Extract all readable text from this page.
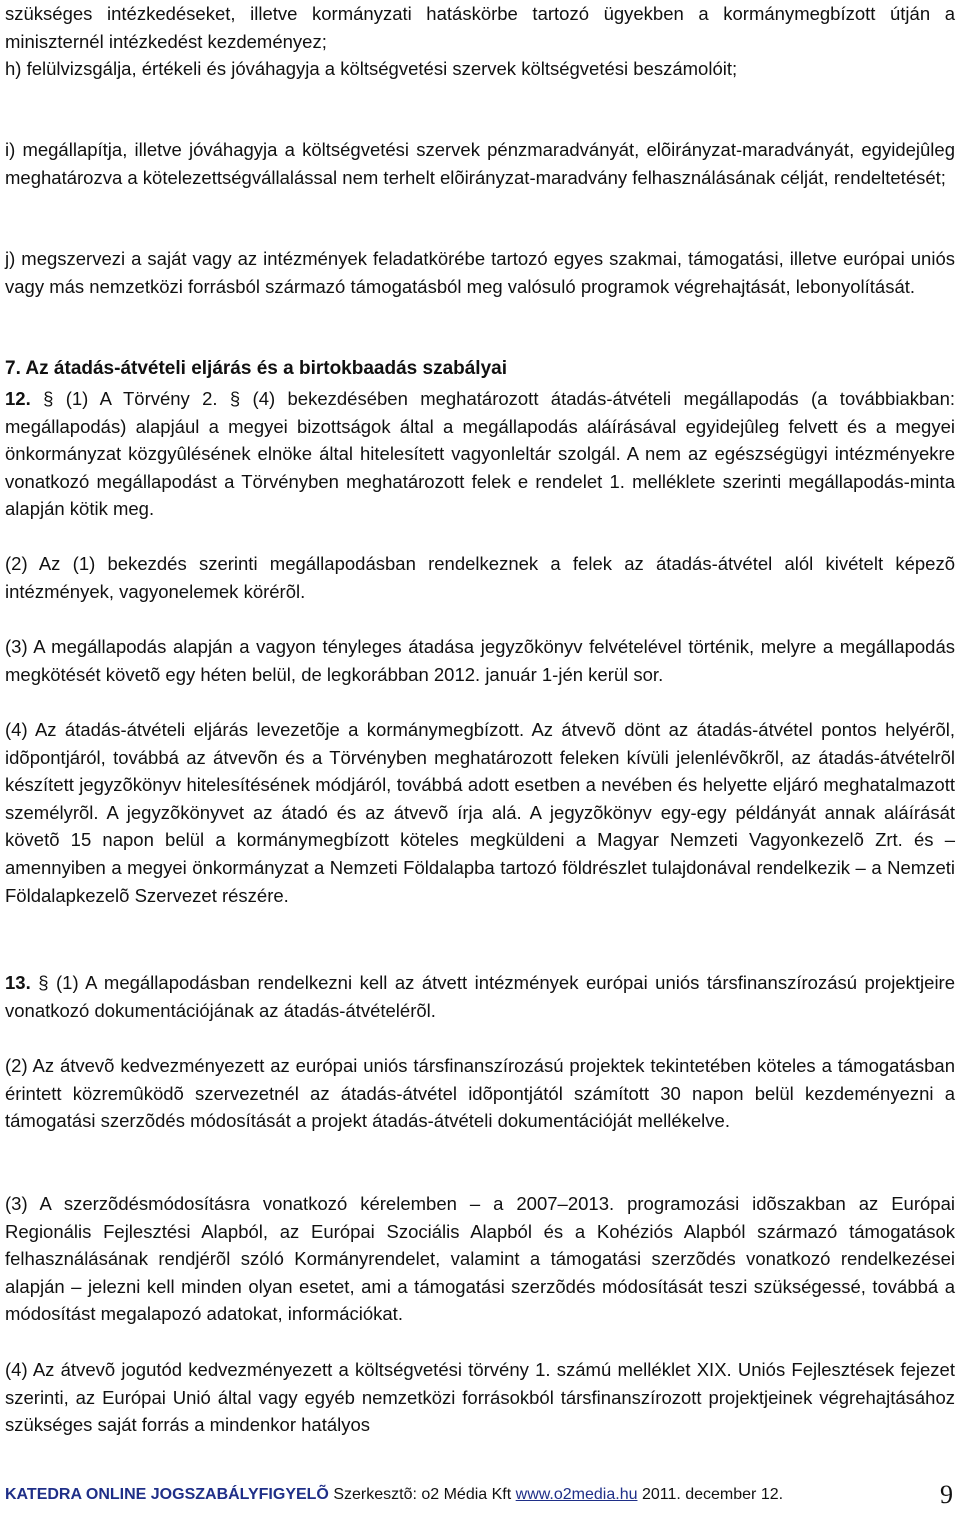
szükséges intézkedéseket, illetve kormányzati hatáskörbe tartozó ügyekben a kormánymegbízott útján a miniszternél intézkedést kezdeményez;

h) felülvizsgálja, értékeli és jóváhagyja a költségvetési szervek költségvetési beszámolóit;

i) megállapítja, illetve jóváhagyja a költségvetési szervek pénzmaradványát, elõirányzat-maradványát, egyidejûleg meghatározva a kötelezettségvállalással nem terhelt elõirányzat-maradvány felhasználásának célját, rendeltetését;

j) megszervezi a saját vagy az intézmények feladatkörébe tartozó egyes szakmai, támogatási, illetve európai uniós vagy más nemzetközi forrásból származó támogatásból meg valósuló programok végrehajtását, lebonyolítását.

7. Az átadás-átvételi eljárás és a birtokbaadás szabályai

12. § (1) A Törvény 2. § (4) bekezdésében meghatározott átadás-átvételi megállapodás (a továbbiakban: megállapodás) alapjául a megyei bizottságok által a megállapodás aláírásával egyidejûleg felvett és a megyei önkormányzat közgyûlésének elnöke által hitelesített vagyonleltár szolgál. A nem az egészségügyi intézményekre vonatkozó megállapodást a Törvényben meghatározott felek e rendelet 1. melléklete szerinti megállapodás-minta alapján kötik meg.

(2) Az (1) bekezdés szerinti megállapodásban rendelkeznek a felek az átadás-átvétel alól kivételt képezõ intézmények, vagyonelemek körérõl.

(3) A megállapodás alapján a vagyon tényleges átadása jegyzõkönyv felvételével történik, melyre a megállapodás megkötését követõ egy héten belül, de legkorábban 2012. január 1-jén kerül sor.

(4) Az átadás-átvételi eljárás levezetõje a kormánymegbízott. Az átvevõ dönt az átadás-átvétel pontos helyérõl, idõpontjáról, továbbá az átvevõn és a Törvényben meghatározott feleken kívüli jelenlévõkrõl, az átadás-átvételrõl készített jegyzõkönyv hitelesítésének módjáról, továbbá adott esetben a nevében és helyette eljáró meghatalmazott személyrõl. A jegyzõkönyvet az átadó és az átvevõ írja alá. A jegyzõkönyv egy-egy példányát annak aláírását követõ 15 napon belül a kormánymegbízott köteles megküldeni a Magyar Nemzeti Vagyonkezelõ Zrt. és – amennyiben a megyei önkormányzat a Nemzeti Földalapba tartozó földrészlet tulajdonával rendelkezik – a Nemzeti Földalapkezelõ Szervezet részére.

13. § (1) A megállapodásban rendelkezni kell az átvett intézmények európai uniós társfinanszírozású projektjeire vonatkozó dokumentációjának az átadás-átvételérõl.

(2) Az átvevõ kedvezményezett az európai uniós társfinanszírozású projektek tekintetében köteles a támogatásban érintett közremûködõ szervezetnél az átadás-átvétel idõpontjától számított 30 napon belül kezdeményezni a támogatási szerzõdés módosítását a projekt átadás-átvételi dokumentációját mellékelve.

(3) A szerzõdésmódosításra vonatkozó kérelemben – a 2007–2013. programozási idõszakban az Európai Regionális Fejlesztési Alapból, az Európai Szociális Alapból és a Kohéziós Alapból származó támogatások felhasználásának rendjérõl szóló Kormányrendelet, valamint a támogatási szerzõdés vonatkozó rendelkezései alapján – jelezni kell minden olyan esetet, ami a támogatási szerzõdés módosítását teszi szükségessé, továbbá a módosítást megalapozó adatokat, információkat.

(4) Az átvevõ jogutód kedvezményezett a költségvetési törvény 1. számú melléklet XIX. Uniós Fejlesztések fejezet szerinti, az Európai Unió által vagy egyéb nemzetközi forrásokból társfinanszírozott projektjeinek végrehajtásához szükséges saját forrás a mindenkor hatályos

KATEDRA ONLINE JOGSZABÁLYFIGYELÕ Szerkesztõ: o2 Média Kft www.o2media.hu 2011. december 12.	9
